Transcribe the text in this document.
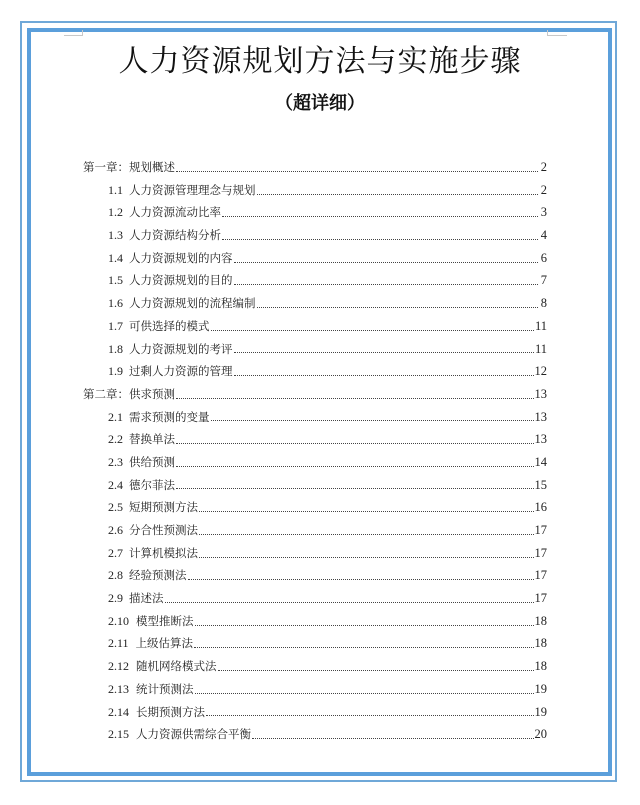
人力资源规划方法与实施步骤
（超详细）
第一章：规划概述	2
1.1 人力资源管理理念与规划	2
1.2 人力资源流动比率	3
1.3 人力资源结构分析	4
1.4 人力资源规划的内容	6
1.5 人力资源规划的目的	7
1.6 人力资源规划的流程编制	8
1.7 可供选择的模式	11
1.8 人力资源规划的考评	11
1.9 过剩人力资源的管理	12
第二章：供求预测	13
2.1 需求预测的变量	13
2.2 替换单法	13
2.3 供给预测	14
2.4 德尔菲法	15
2.5 短期预测方法	16
2.6 分合性预测法	17
2.7 计算机模拟法	17
2.8 经验预测法	17
2.9 描述法	17
2.10 模型推断法	18
2.11 上级估算法	18
2.12 随机网络模式法	18
2.13 统计预测法	19
2.14 长期预测方法	19
2.15 人力资源供需综合平衡	20
